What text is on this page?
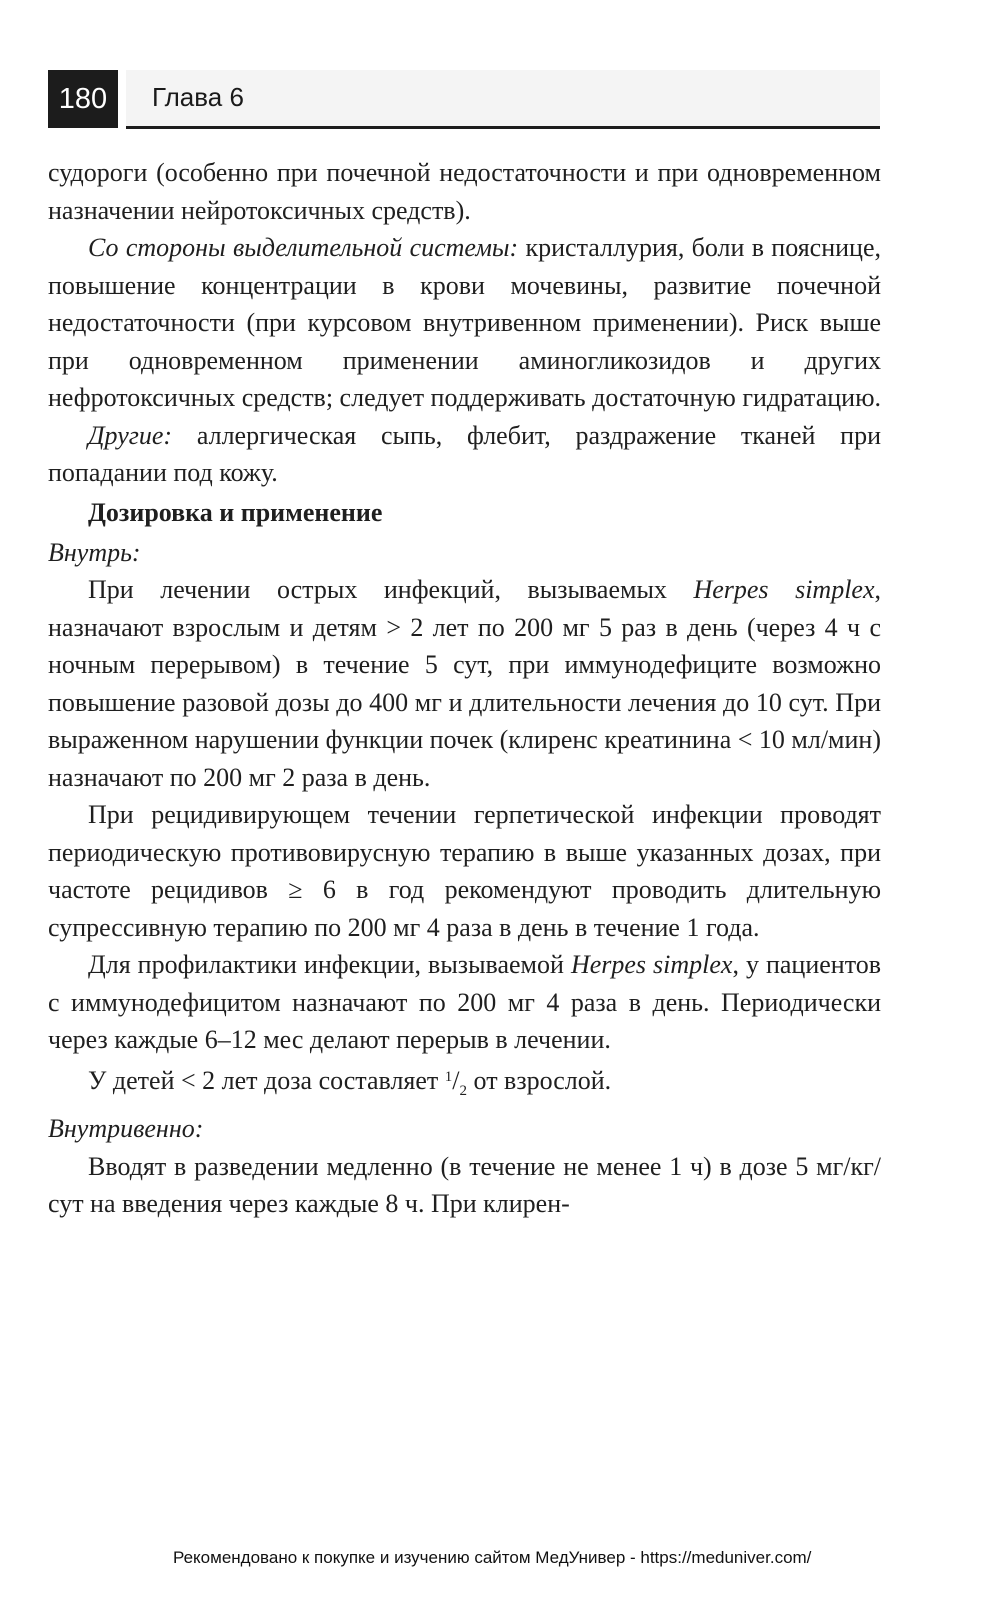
180	Глава 6

судороги (особенно при почечной недостаточности и при одновременном назначении нейротоксичных средств).

Со стороны выделительной системы: кристаллурия, боли в пояснице, повышение концентрации в крови мочевины, развитие почечной недостаточности (при курсовом внутривенном применении). Риск выше при одновременном применении аминогликозидов и других нефротоксичных средств; следует поддерживать достаточную гидратацию.

Другие: аллергическая сыпь, флебит, раздражение тканей при попадании под кожу.

Дозировка и применение

Внутрь:

При лечении острых инфекций, вызываемых Herpes simplex, назначают взрослым и детям > 2 лет по 200 мг 5 раз в день (через 4 ч с ночным перерывом) в течение 5 сут, при иммунодефиците возможно повышение разовой дозы до 400 мг и длительности лечения до 10 сут. При выраженном нарушении функции почек (клиренс креатинина < 10 мл/мин) назначают по 200 мг 2 раза в день.

При рецидивирующем течении герпетической инфекции проводят периодическую противовирусную терапию в выше указанных дозах, при частоте рецидивов ≥ 6 в год рекомендуют проводить длительную супрессивную терапию по 200 мг 4 раза в день в течение 1 года.

Для профилактики инфекции, вызываемой Herpes simplex, у пациентов с иммунодефицитом назначают по 200 мг 4 раза в день. Периодически через каждые 6–12 мес делают перерыв в лечении.

У детей < 2 лет доза составляет $^1/_2$ от взрослой.

Внутривенно:

Вводят в разведении медленно (в течение не менее 1 ч) в дозе 5 мг/кг/сут на введения через каждые 8 ч. При клирен-

Рекомендовано к покупке и изучению сайтом МедУнивер - https://meduniver.com/
